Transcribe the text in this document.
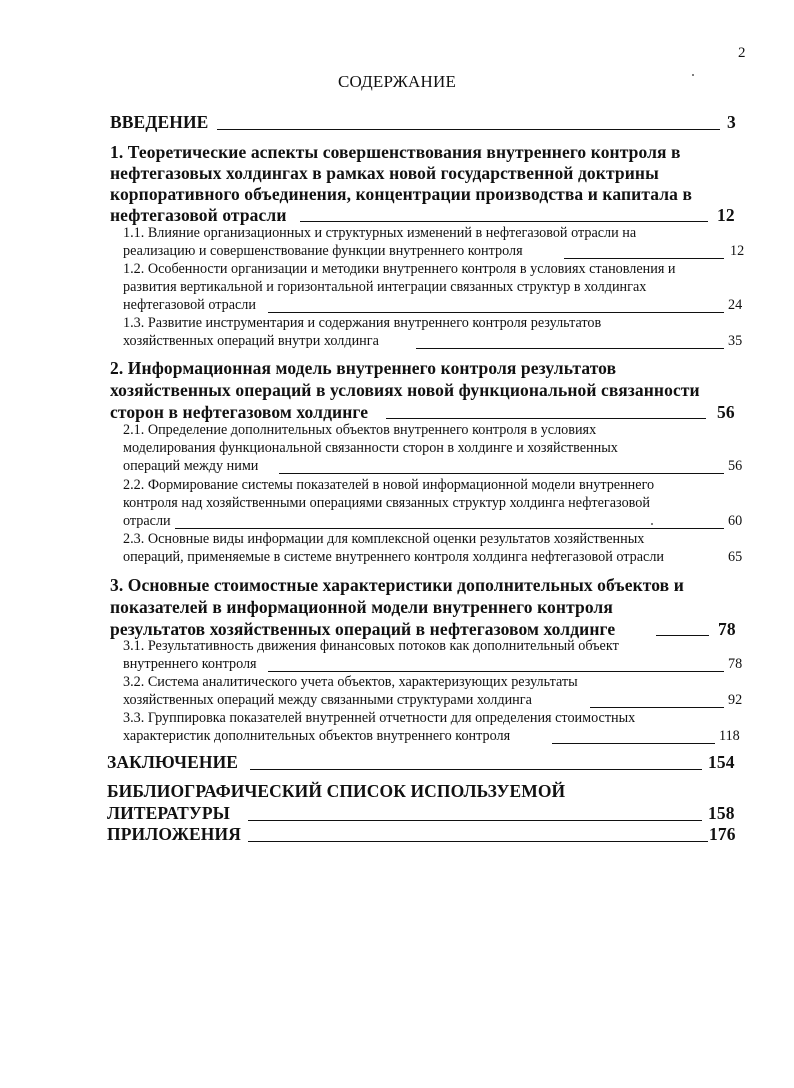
2
СОДЕРЖАНИЕ
ВВЕДЕНИЕ	3
1. Теоретические аспекты совершенствования внутреннего контроля в
нефтегазовых холдингах в рамках новой государственной доктрины
корпоративного объединения, концентрации производства и капитала в
нефтегазовой отрасли	12
1.1. Влияние организационных и структурных изменений в нефтегазовой отрасли на
реализацию и совершенствование функции внутреннего контроля	12
1.2. Особенности организации и методики внутреннего контроля в условиях становления и
развития вертикальной и горизонтальной интеграции связанных структур в холдингах
нефтегазовой отрасли	24
1.3. Развитие инструментария и содержания внутреннего контроля результатов
хозяйственных операций внутри холдинга	35
2. Информационная модель внутреннего контроля результатов
хозяйственных операций в условиях новой функциональной связанности
сторон в нефтегазовом холдинге	56
2.1. Определение дополнительных объектов внутреннего контроля в условиях
моделирования функциональной связанности сторон в холдинге и хозяйственных
операций между ними	56
2.2. Формирование системы показателей в новой информационной модели внутреннего
контроля над хозяйственными операциями связанных структур холдинга нефтегазовой
отрасли	60
2.3. Основные виды информации для комплексной оценки результатов хозяйственных
операций, применяемые в системе внутреннего контроля холдинга нефтегазовой отрасли	65
3. Основные стоимостные характеристики дополнительных объектов и
показателей в информационной модели внутреннего контроля
результатов хозяйственных операций в нефтегазовом холдинге	78
3.1. Результативность движения финансовых потоков как дополнительный объект
внутреннего контроля	78
3.2. Система аналитического учета объектов, характеризующих результаты
хозяйственных операций между связанными структурами холдинга	92
3.3. Группировка показателей внутренней отчетности для определения стоимостных
характеристик дополнительных объектов внутреннего контроля	118
ЗАКЛЮЧЕНИЕ	154
БИБЛИОГРАФИЧЕСКИЙ СПИСОК ИСПОЛЬЗУЕМОЙ
ЛИТЕРАТУРЫ	158
ПРИЛОЖЕНИЯ	176
